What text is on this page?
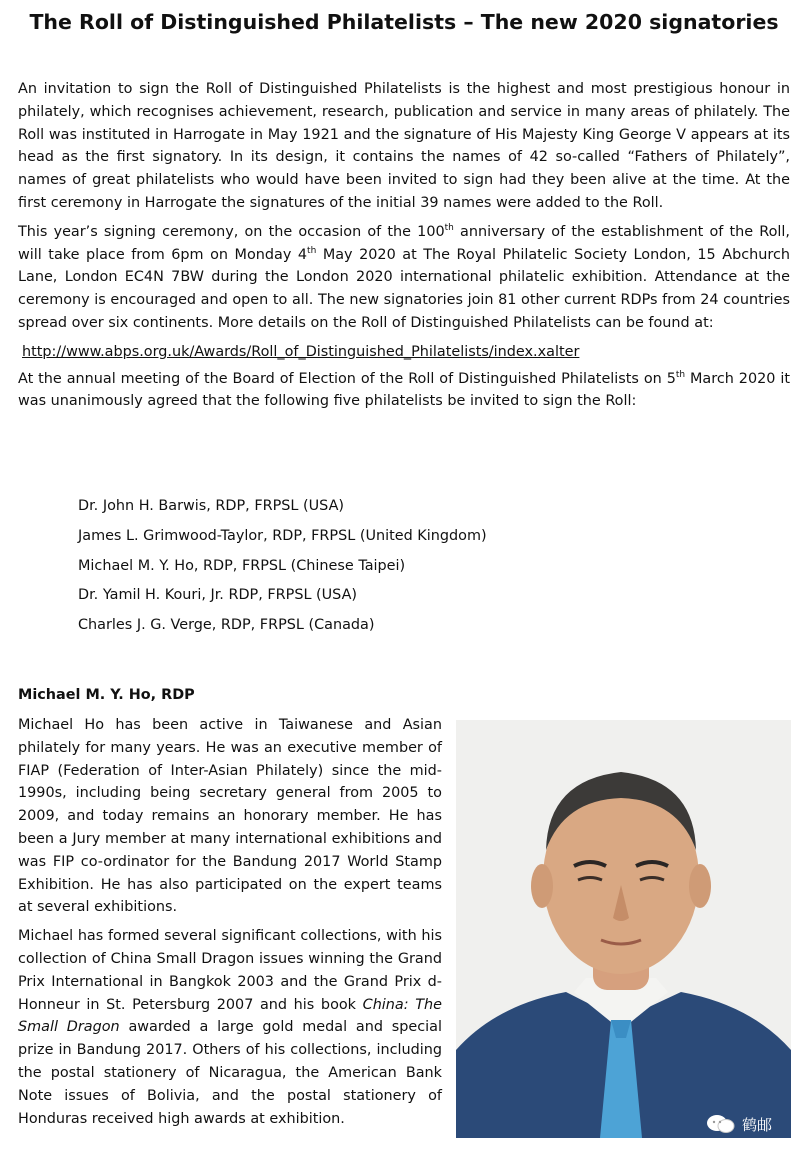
The Roll of Distinguished Philatelists – The new 2020 signatories

An invitation to sign the Roll of Distinguished Philatelists is the highest and most prestigious honour in philately, which recognises achievement, research, publication and service in many areas of philately. The Roll was instituted in Harrogate in May 1921 and the signature of His Majesty King George V appears at its head as the first signatory. In its design, it contains the names of 42 so-called “Fathers of Philately”, names of great philatelists who would have been invited to sign had they been alive at the time. At the first ceremony in Harrogate the signatures of the initial 39 names were added to the Roll.

This year’s signing ceremony, on the occasion of the 100th anniversary of the establishment of the Roll, will take place from 6pm on Monday 4th May 2020 at The Royal Philatelic Society London, 15 Abchurch Lane, London EC4N 7BW during the London 2020 international philatelic exhibition. Attendance at the ceremony is encouraged and open to all. The new signatories join 81 other current RDPs from 24 countries spread over six continents. More details on the Roll of Distinguished Philatelists can be found at:

http://www.abps.org.uk/Awards/Roll_of_Distinguished_Philatelists/index.xalter

At the annual meeting of the Board of Election of the Roll of Distinguished Philatelists on 5th March 2020 it was unanimously agreed that the following five philatelists be invited to sign the Roll:

Dr. John H. Barwis, RDP, FRPSL (USA)
James L. Grimwood-Taylor, RDP, FRPSL (United Kingdom)
Michael M. Y. Ho, RDP, FRPSL (Chinese Taipei)
Dr. Yamil H. Kouri, Jr. RDP, FRPSL (USA)
Charles J. G. Verge, RDP, FRPSL (Canada)
Michael M. Y. Ho, RDP

Michael Ho has been active in Taiwanese and Asian philately for many years. He was an executive member of FIAP (Federation of Inter-Asian Philately) since the mid-1990s, including being secretary general from 2005 to 2009, and today remains an honorary member. He has been a Jury member at many international exhibitions and was FIP co-ordinator for the Bandung 2017 World Stamp Exhibition. He has also participated on the expert teams at several exhibitions.

Michael has formed several significant collections, with his collection of China Small Dragon issues winning the Grand Prix International in Bangkok 2003 and the Grand Prix d-Honneur in St. Petersburg 2007 and his book China: The Small Dragon awarded a large gold medal and special prize in Bandung 2017. Others of his collections, including the postal stationery of Nicaragua, the American Bank Note issues of Bolivia, and the postal stationery of Honduras received high awards at exhibition.	鹤邮
